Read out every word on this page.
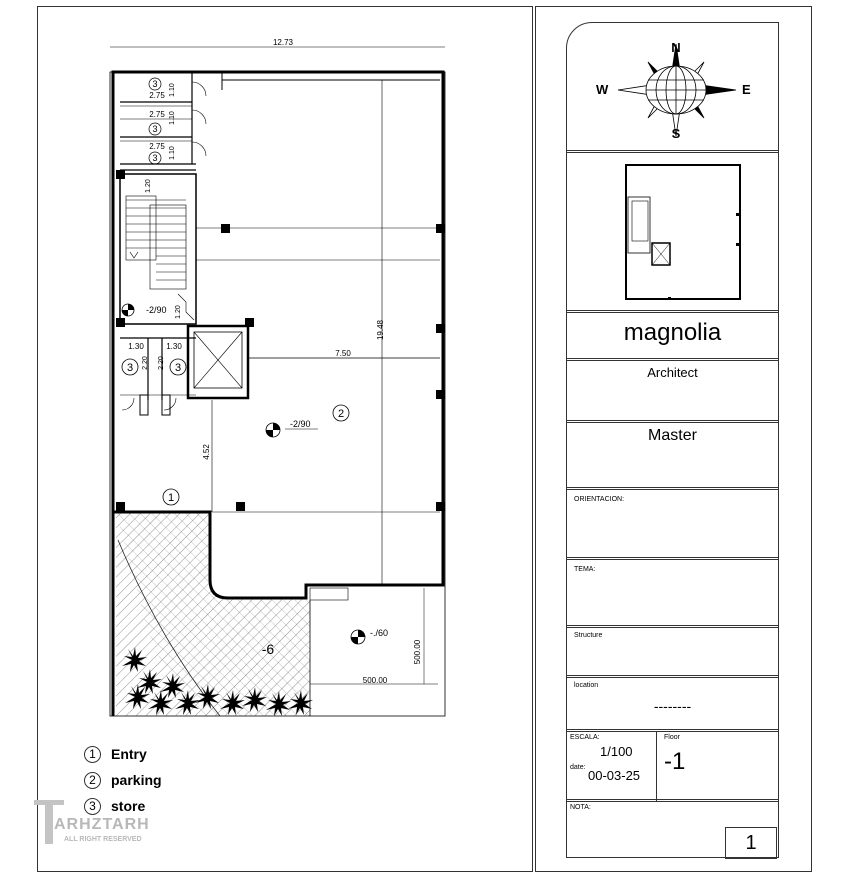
12.73
-6
2.75
2.75
2.75
1.10
1.10
1.10
3
3
3
1.20
1.20
-2/90
1.30	1.30
2.20 2.20
3	3
7.50
19.48
4.52
-2/90
2
1
-./60
500.00
500.00
1	Entry
2	parking
3	store
ARHZTARH
ALL RIGHT RESERVED
N
S
E
W
magnolia
Architect
Master
ORIENTACION:
TEMA:
Structure
location
--------
ESCALA:
1/100
date:
00-03-25
Floor
-1
NOTA:
1
